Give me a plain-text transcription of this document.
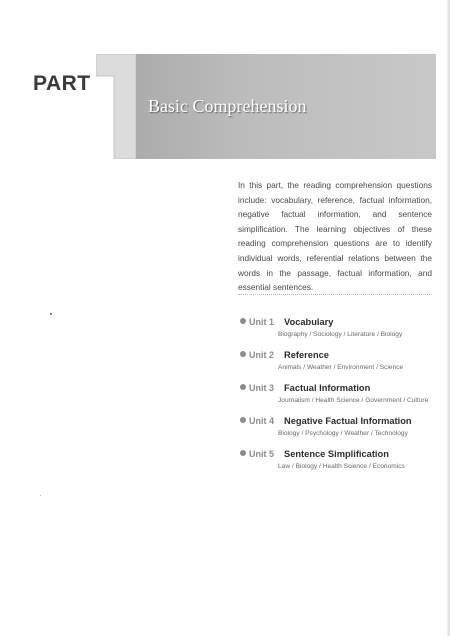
PART
Basic Comprehension
In this part, the reading comprehension questions include: vocabulary, reference, factual information, negative factual information, and sentence simplification. The learning objectives of these reading comprehension questions are to identify individual words, referential relations between the words in the passage, factual information, and essential sentences.
Unit 1	Vocabulary
Biography / Sociology / Literature / Biology
Unit 2	Reference
Animals / Weather / Environment / Science
Unit 3	Factual Information
Journalism / Health Science / Government / Culture
Unit 4	Negative Factual Information
Biology / Psychology / Weather / Technology
Unit 5	Sentence Simplification
Law / Biology / Health Science / Economics
